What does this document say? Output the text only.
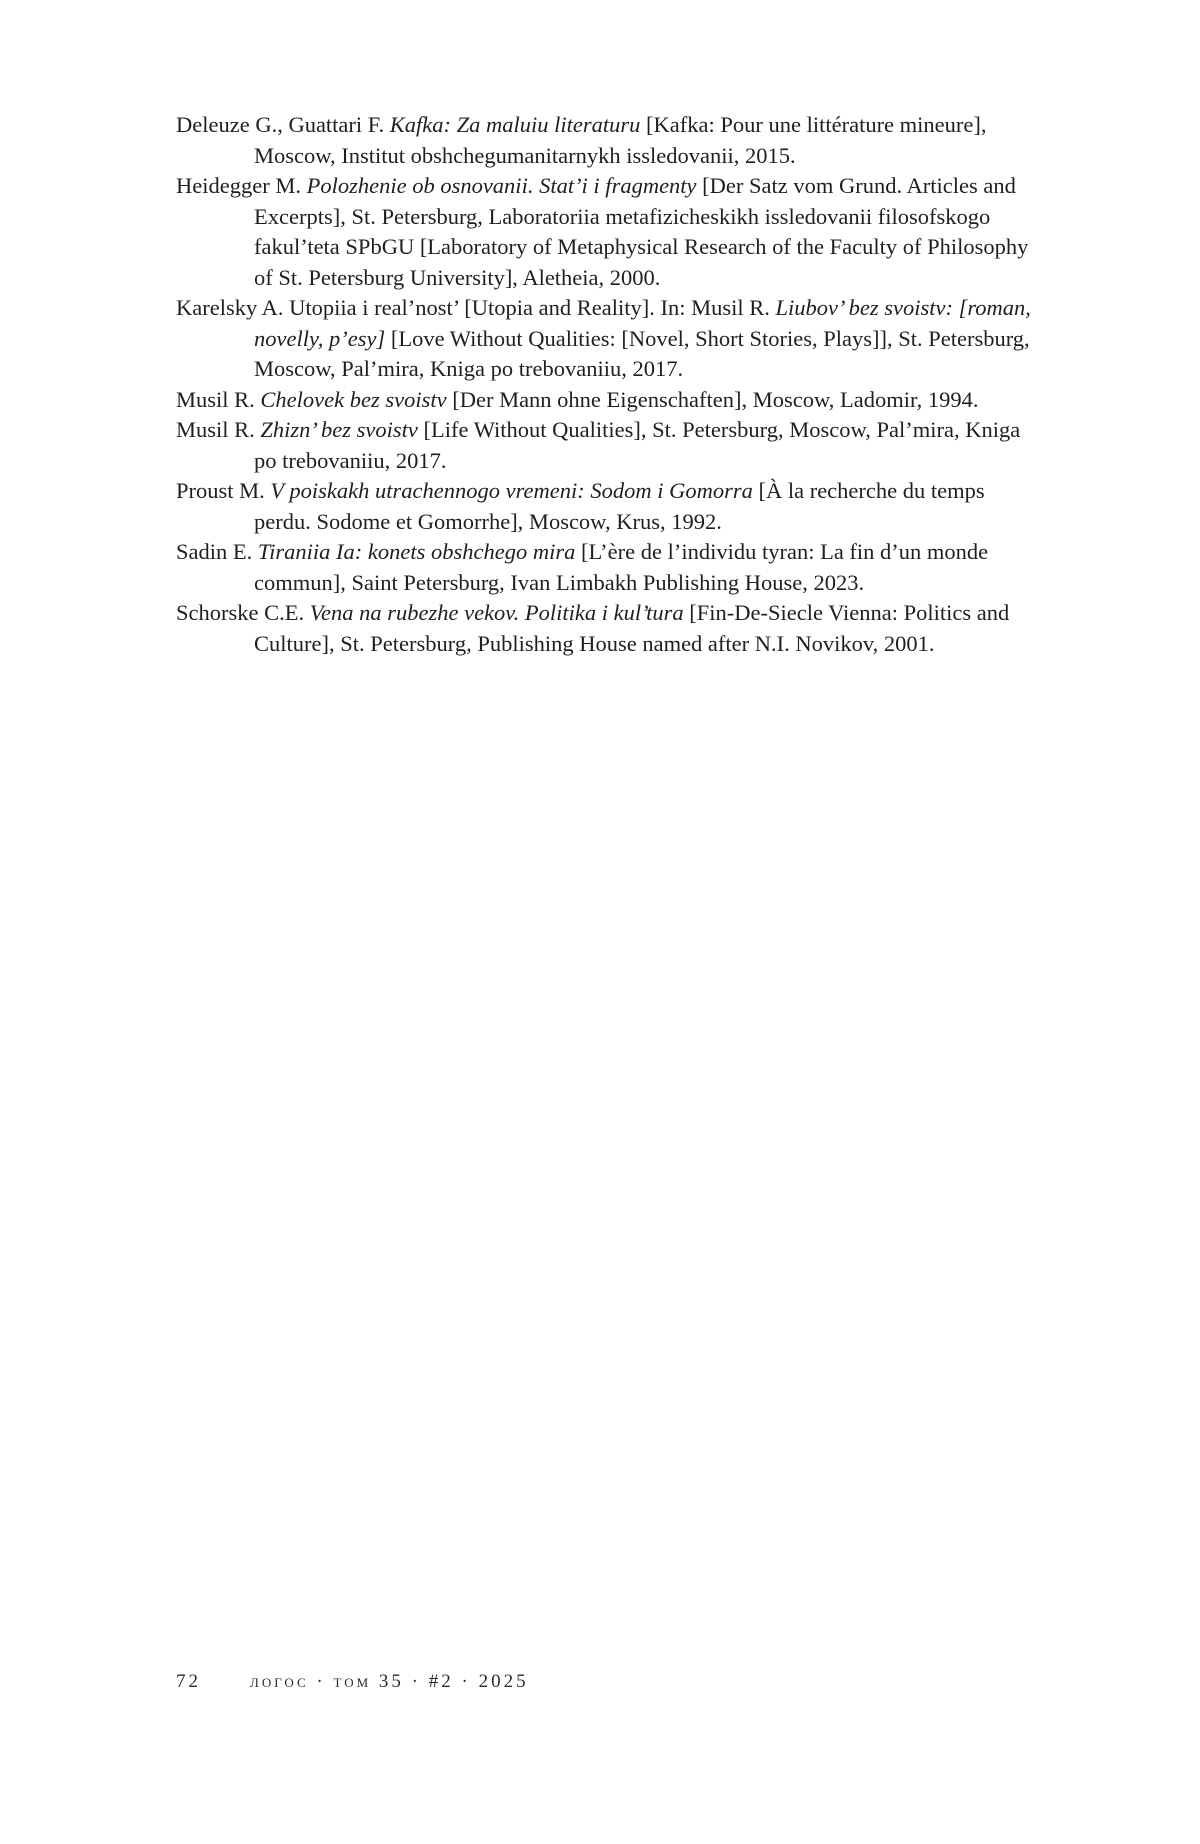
Deleuze G., Guattari F. Kafka: Za maluiu literaturu [Kafka: Pour une littérature mineure], Moscow, Institut obshchegumanitarnykh issledovanii, 2015.

Heidegger M. Polozhenie ob osnovanii. Stat’i i fragmenty [Der Satz vom Grund. Articles and Excerpts], St. Petersburg, Laboratoriia metafizicheskikh issledovanii filosofskogo fakul’teta SPbGU [Laboratory of Metaphysical Research of the Faculty of Philosophy of St. Petersburg University], Aletheia, 2000.

Karelsky A. Utopiia i real’nost’ [Utopia and Reality]. In: Musil R. Liubov’ bez svoistv: [roman, novelly, p’esy] [Love Without Qualities: [Novel, Short Stories, Plays]], St. Petersburg, Moscow, Pal’mira, Kniga po trebovaniiu, 2017.

Musil R. Chelovek bez svoistv [Der Mann ohne Eigenschaften], Moscow, Ladomir, 1994.

Musil R. Zhizn’ bez svoistv [Life Without Qualities], St. Petersburg, Moscow, Pal’mira, Kniga po trebovaniiu, 2017.

Proust M. V poiskakh utrachennogo vremeni: Sodom i Gomorra [À la recherche du temps perdu. Sodome et Gomorrhe], Moscow, Krus, 1992.

Sadin E. Tiraniia Ia: konets obshchego mira [L’ère de l’individu tyran: La fin d’un monde commun], Saint Petersburg, Ivan Limbakh Publishing House, 2023.

Schorske C.E. Vena na rubezhe vekov. Politika i kul’tura [Fin-De-Siecle Vienna: Politics and Culture], St. Petersburg, Publishing House named after N.I. Novikov, 2001.

72	логос · том 35 · #2 · 2025
